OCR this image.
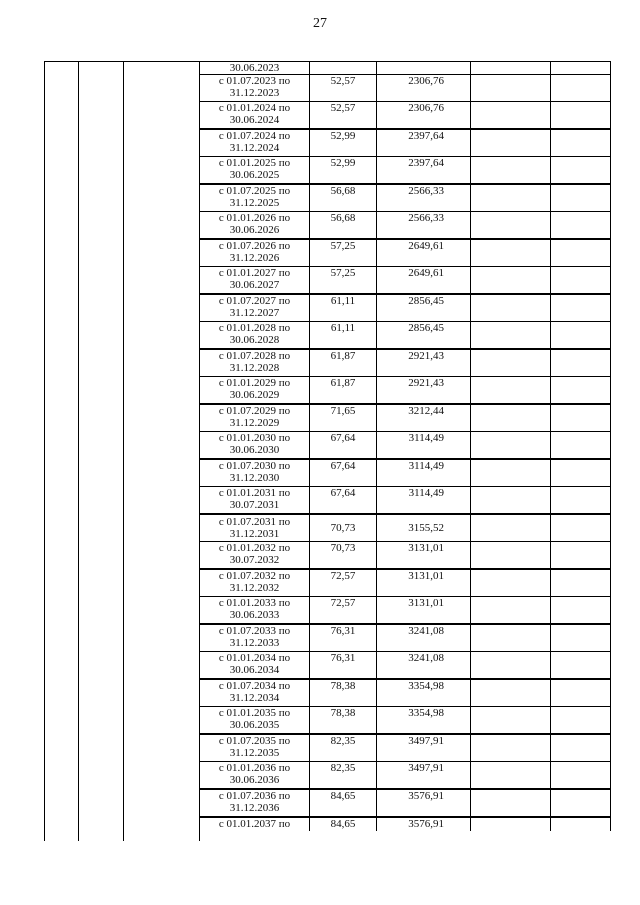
27
30.06.2023				
с 01.07.2023 по
31.12.2023	52,57	2306,76		
с 01.01.2024 по
30.06.2024	52,57	2306,76		
с 01.07.2024 по
31.12.2024	52,99	2397,64		
с 01.01.2025 по
30.06.2025	52,99	2397,64		
с 01.07.2025 по
31.12.2025	56,68	2566,33		
с 01.01.2026 по
30.06.2026	56,68	2566,33		
с 01.07.2026 по
31.12.2026	57,25	2649,61		
с 01.01.2027 по
30.06.2027	57,25	2649,61		
с 01.07.2027 по
31.12.2027	61,11	2856,45		
с 01.01.2028 по
30.06.2028	61,11	2856,45		
с 01.07.2028 по
31.12.2028	61,87	2921,43		
с 01.01.2029 по
30.06.2029	61,87	2921,43		
с 01.07.2029 по
31.12.2029	71,65	3212,44		
с 01.01.2030 по
30.06.2030	67,64	3114,49		
с 01.07.2030 по
31.12.2030	67,64	3114,49		
с 01.01.2031 по
30.07.2031	67,64	3114,49		
с 01.07.2031 по
31.12.2031	70,73	3155,52		
с 01.01.2032 по
30.07.2032	70,73	3131,01		
с 01.07.2032 по
31.12.2032	72,57	3131,01		
с 01.01.2033 по
30.06.2033	72,57	3131,01		
с 01.07.2033 по
31.12.2033	76,31	3241,08		
с 01.01.2034 по
30.06.2034	76,31	3241,08		
с 01.07.2034 по
31.12.2034	78,38	3354,98		
с 01.01.2035 по
30.06.2035	78,38	3354,98		
с 01.07.2035 по
31.12.2035	82,35	3497,91		
с 01.01.2036 по
30.06.2036	82,35	3497,91		
с 01.07.2036 по
31.12.2036	84,65	3576,91		
с 01.01.2037 по	84,65	3576,91		
